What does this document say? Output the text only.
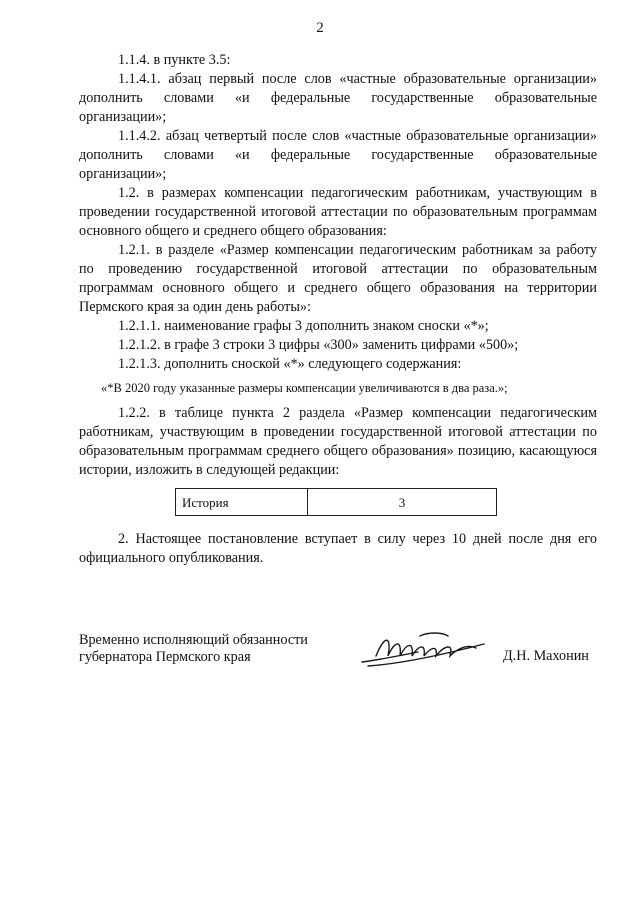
2

1.1.4. в пункте 3.5:

1.1.4.1. абзац первый после слов «частные образовательные организации» дополнить словами «и федеральные государственные образовательные организации»;

1.1.4.2. абзац четвертый после слов «частные образовательные организации» дополнить словами «и федеральные государственные образовательные организации»;

1.2. в размерах компенсации педагогическим работникам, участвующим в проведении государственной итоговой аттестации по образовательным программам основного общего и среднего общего образования:

1.2.1. в разделе «Размер компенсации педагогическим работникам за работу по проведению государственной итоговой аттестации по образовательным программам основного общего и среднего общего образования на территории Пермского края за один день работы»:

1.2.1.1. наименование графы 3 дополнить знаком сноски «*»;

1.2.1.2. в графе 3 строки 3 цифры «300» заменить цифрами «500»;

1.2.1.3. дополнить сноской «*» следующего содержания:

«*В 2020 году указанные размеры компенсации увеличиваются в два раза.»;

1.2.2. в таблице пункта 2 раздела «Размер компенсации педагогическим работникам, участвующим в проведении государственной итоговой аттестации по образовательным программам среднего общего образования» позицию, касающуюся истории, изложить в следующей редакции:

История	3

2. Настоящее постановление вступает в силу через 10 дней после дня его официального опубликования.

Временно исполняющий обязанности
губернатора Пермского края	Д.Н. Махонин
